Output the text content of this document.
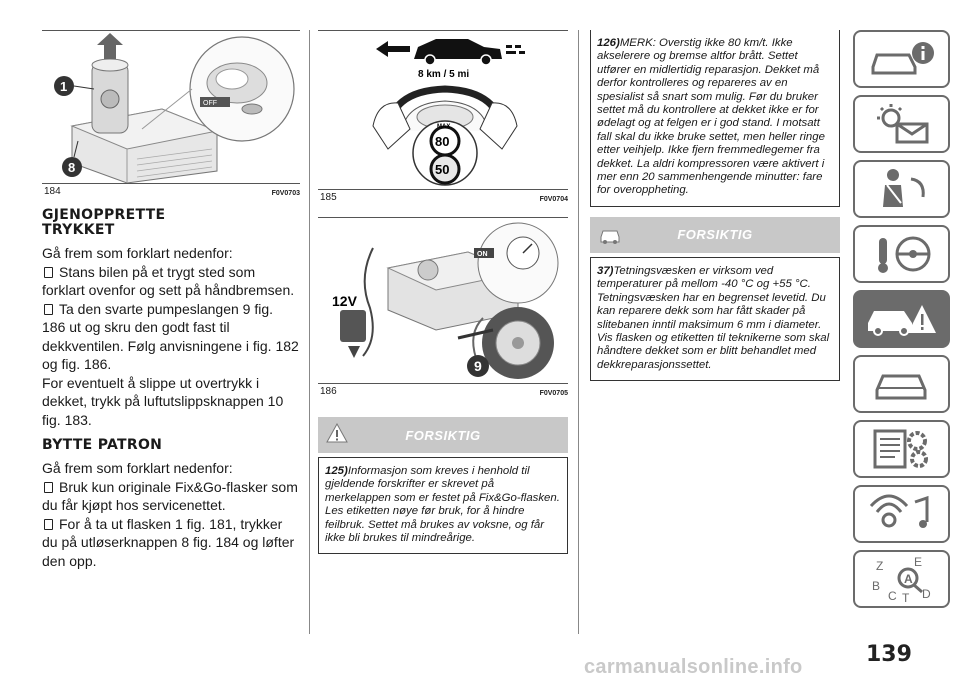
OFF
1
8
184	F0V0703
GJENOPPRETTE TRYKKET

Gå frem som forklart nedenfor:

Stans bilen på et trygt sted som forklart ovenfor og sett på håndbremsen.

Ta den svarte pumpeslangen 9 fig. 186 ut og skru den godt fast til dekkventilen. Følg anvisningene i fig. 182 og fig. 186.

For eventuelt å slippe ut overtrykk i dekket, trykk på luftutslippsknappen 10 fig. 183.

BYTTE PATRON

Gå frem som forklart nedenfor:

Bruk kun originale Fix&Go-flasker som du får kjøpt hos servicenettet.

For å ta ut flasken 1 fig. 181, trykker du på utløserknappen 8 fig. 184 og løfter den opp.

8 km / 5 mi
MAX
80
50
185	F0V0704
12V
ON
9
186	F0V0705
FORSIKTIG
125)Informasjon som kreves i henhold til gjeldende forskrifter er skrevet på merkelappen som er festet på Fix&Go-flasken. Les etiketten nøye før bruk, for å hindre feilbruk. Settet må brukes av voksne, og får ikke bli brukes til mindreårige.
126)MERK: Overstig ikke 80 km/t. Ikke akselerere og bremse altfor brått. Settet utfører en midlertidig reparasjon. Dekket må derfor kontrolleres og repareres av en spesialist så snart som mulig. Før du bruker settet må du kontrollere at dekket ikke er for ødelagt og at felgen er i god stand. I motsatt fall skal du ikke bruke settet, men heller ringe etter veihjelp. Ikke fjern fremmedlegemer fra dekket. La aldri kompressoren være aktivert i mer enn 20 sammenhengende minutter: fare for overoppheting.
FORSIKTIG
37)Tetningsvæsken er virksom ved temperaturer på mellom -40 °C og +55 °C. Tetningsvæsken har en begrenset levetid. Du kan reparere dekk som har fått skader på slitebanen inntil maksimum 6 mm i diameter. Vis flasken og etiketten til teknikerne som skal håndtere dekket som er blitt behandlet med dekkreparasjonssettet.
Z	E
B
C T D
A
139
carmanualsonline.info
